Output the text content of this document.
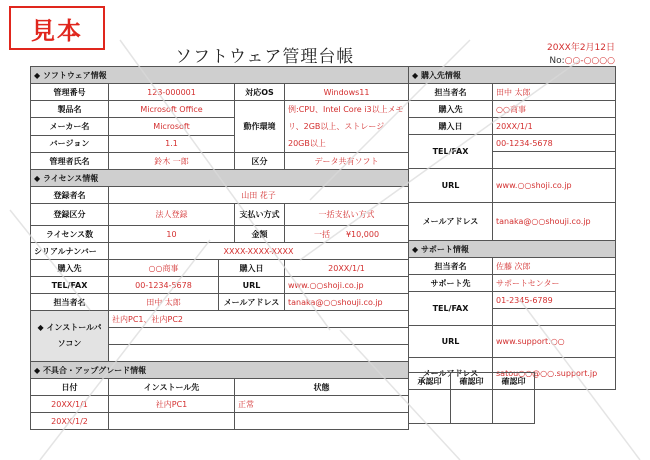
見本
ソフトウェア管理台帳	20XX年2月12日
No:○○-○○○○
◆ ソフトウェア情報				
管理番号	123-000001		対応OS	Windows11
製品名	Microsoft Office		動作環境	例:CPU、Intel Core i3以上メモリ、2GB以上、ストレージ20GB以上
メーカー名	Microsoft			
バージョン	1.1			
管理者氏名	鈴木 一郎		区分	データ共有ソフト
◆ ライセンス情報				
登録者名	山田 花子			
登録区分	法人登録		支払い方式	一括支払い方式
ライセンス数	10		金額	一括　　 ¥10,000
シリアルナンバー	XXXX-XXXX-XXXX			
購入先	○○商事	購入日		20XX/1/1
TEL/FAX	00-1234-5678	URL		www.○○shoji.co.jp
担当者名	田中 太郎	メールアドレス		tanaka@○○shouji.co.jp
◆ インストールパソコン	社内PC1、社内PC2			

◆ 不具合・アップグレード情報				
日付	インストール先		状態	
20XX/1/1	社内PC1		正常	
20XX/1/2				
◆ 購入先情報	
担当者名	田中 太郎
購入先	○○商事
購入日	20XX/1/1
TEL/FAX	00-1234-5678

URL	www.○○shoji.co.jp
メールアドレス	tanaka@○○shouji.co.jp
◆ サポート情報	
担当者名	佐藤 次郎
サポート先	サポートセンター
TEL/FAX	01-2345-6789

URL	www.support.○○
メールアドレス	satou○○@○○.support.jp
承認印	確認印	確認印
